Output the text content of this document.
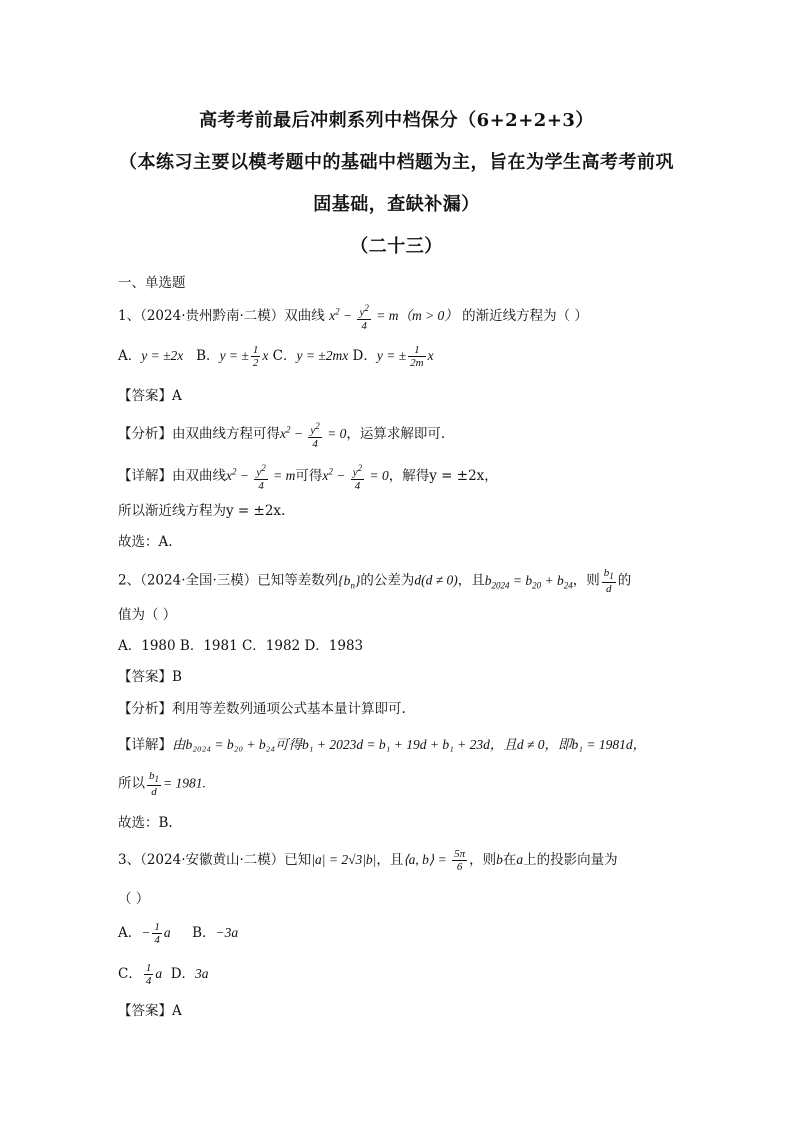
高考考前最后冲刺系列中档保分（6+2+2+3）
（本练习主要以模考题中的基础中档题为主，旨在为学生高考考前巩
固基础，查缺补漏）
（二十三）
一、单选题
1、（2024·贵州黔南·二模）双曲线 $x^2 - \frac{y^2}{4} = m(m > 0)$ 的渐近线方程为（ ）
A．y = ±2x   B．y = ± $\frac{1}{2}$ x C．y = ±2mx D．y = ± $\frac{1}{2m}$ x
【答案】A
【分析】由双曲线方程可得$x^2 - \frac{y^2}{4} = 0$，运算求解即可.
【详解】由双曲线$x^2 - \frac{y^2}{4} = m$可得$x^2 - \frac{y^2}{4} = 0$，解得y = ±2x，
所以渐近线方程为y = ±2x.
故选：A.
2、（2024·全国·三模）已知等差数列$\{b_n\}$的公差为d(d ≠ 0)，且$b_{2024} = b_{20} + b_{24}$，则 $\frac{b_1}{d}$ 的
值为（ ）
A．1980 B．1981 C．1982 D．1983
【答案】B
【分析】利用等差数列通项公式基本量计算即可.
【详解】由b₂₀₂₄ = b₂₀ + b₂₄可得b₁ + 2023d = b₁ + 19d + b₁ + 23d，且d ≠ 0，即b₁ = 1981d，
所以 $\frac{b_1}{d} = 1981$.
故选：B.
3、（2024·安徽黄山·二模）已知|a| = 2√3|b|，且⟨a, b⟩ = $\frac{5\pi}{6}$ ，则b在a上的投影向量为
（ ）
A．− $\frac{1}{4}$ a B．−3a
C． $\frac{1}{4}$ a D．3a
【答案】A
